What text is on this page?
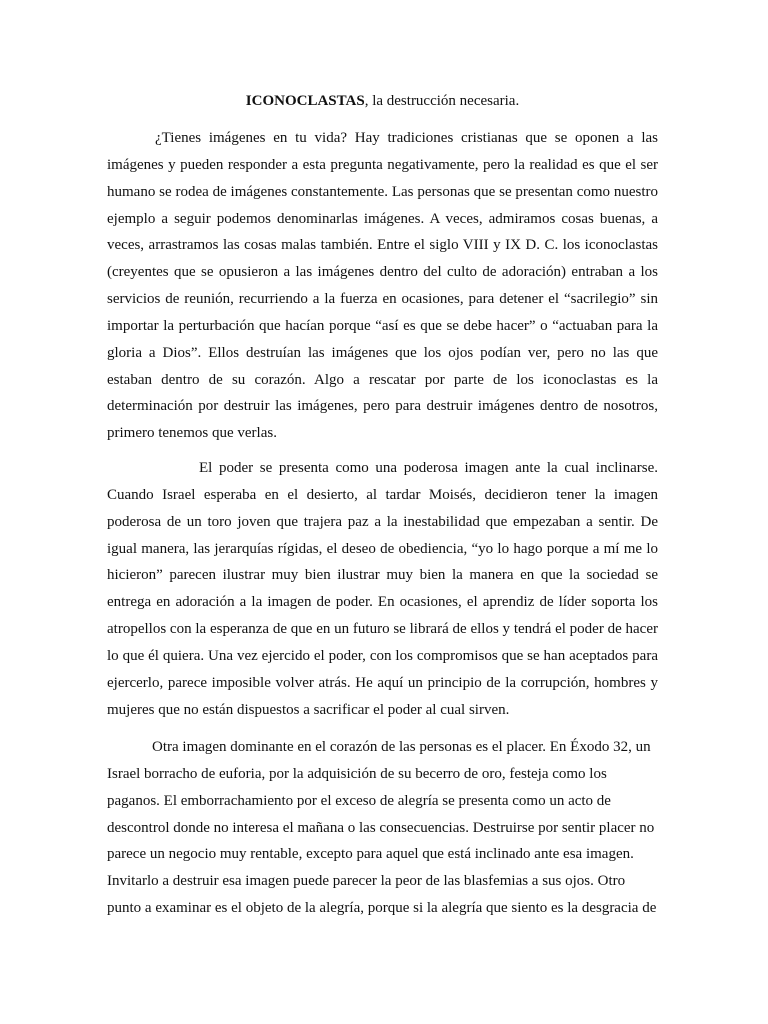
ICONOCLASTAS, la destrucción necesaria.

¿Tienes imágenes en tu vida? Hay tradiciones cristianas que se oponen a las imágenes y pueden responder a esta pregunta negativamente, pero la realidad es que el ser humano se rodea de imágenes constantemente. Las personas que se presentan como nuestro ejemplo a seguir podemos denominarlas imágenes. A veces, admiramos cosas buenas, a veces, arrastramos las cosas malas también. Entre el siglo VIII y IX D. C. los iconoclastas (creyentes que se opusieron a las imágenes dentro del culto de adoración) entraban a los servicios de reunión, recurriendo a la fuerza en ocasiones, para detener el “sacrilegio” sin importar la perturbación que hacían porque “así es que se debe hacer” o “actuaban para la gloria a Dios”. Ellos destruían las imágenes que los ojos podían ver, pero no las que estaban dentro de su corazón. Algo a rescatar por parte de los iconoclastas es la determinación por destruir las imágenes, pero para destruir imágenes dentro de nosotros, primero tenemos que verlas.

El poder se presenta como una poderosa imagen ante la cual inclinarse. Cuando Israel esperaba en el desierto, al tardar Moisés, decidieron tener la imagen poderosa de un toro joven que trajera paz a la inestabilidad que empezaban a sentir. De igual manera, las jerarquías rígidas, el deseo de obediencia, “yo lo hago porque a mí me lo hicieron” parecen ilustrar muy bien ilustrar muy bien la manera en que la sociedad se entrega en adoración a la imagen de poder. En ocasiones, el aprendiz de líder soporta los atropellos con la esperanza de que en un futuro se librará de ellos y tendrá el poder de hacer lo que él quiera. Una vez ejercido el poder, con los compromisos que se han aceptados para ejercerlo, parece imposible volver atrás. He aquí un principio de la corrupción, hombres y mujeres que no están dispuestos a sacrificar el poder al cual sirven.

Otra imagen dominante en el corazón de las personas es el placer. En Éxodo 32, un Israel borracho de euforia, por la adquisición de su becerro de oro, festeja como los paganos. El emborrachamiento por el exceso de alegría se presenta como un acto de descontrol donde no interesa el mañana o las consecuencias. Destruirse por sentir placer no parece un negocio muy rentable, excepto para aquel que está inclinado ante esa imagen. Invitarlo a destruir esa imagen puede parecer la peor de las blasfemias a sus ojos. Otro punto a examinar es el objeto de la alegría, porque si la alegría que siento es la desgracia de
